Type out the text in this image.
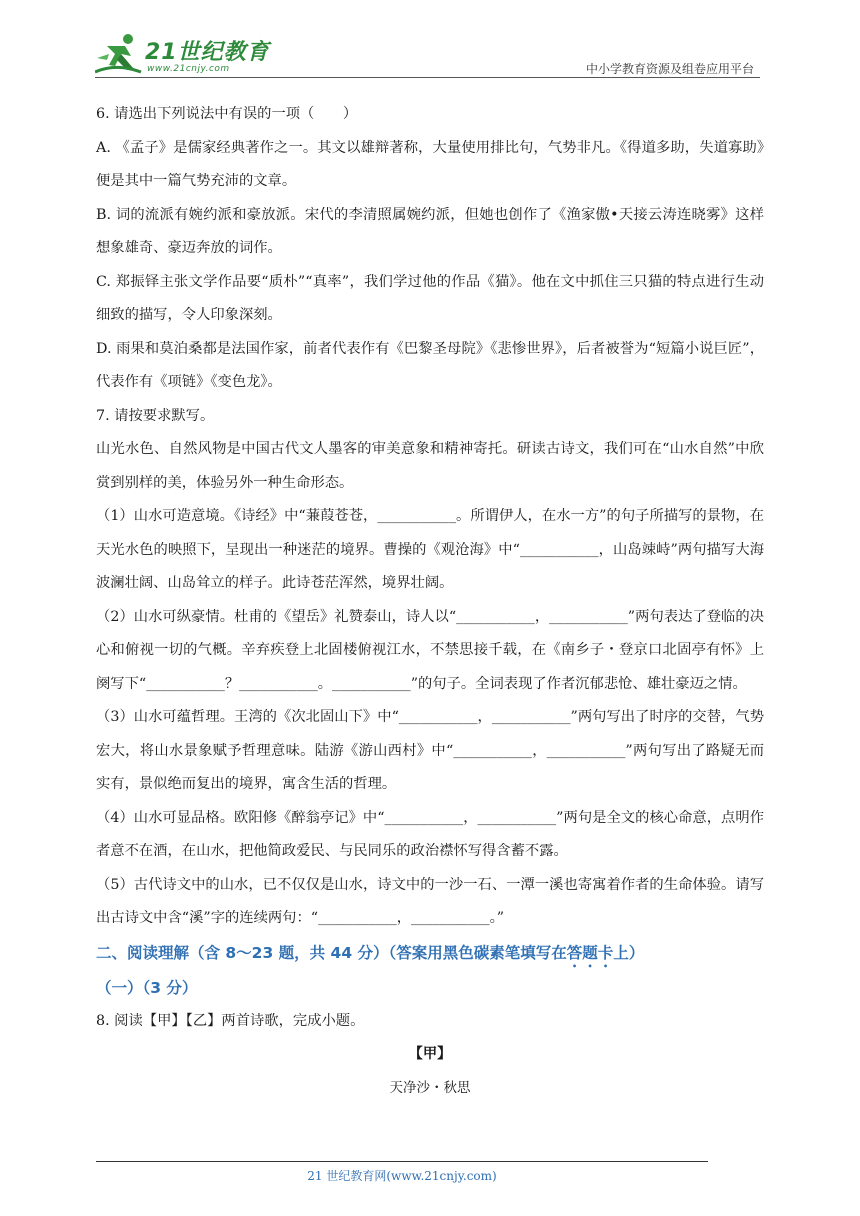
21世纪教育
www.21cnjy.com	中小学教育资源及组卷应用平台

6. 请选出下列说法中有误的一项（　　）

A. 《孟子》是儒家经典著作之一。其文以雄辩著称，大量使用排比句，气势非凡。《得道多助，失道寡助》便是其中一篇气势充沛的文章。

B. 词的流派有婉约派和豪放派。宋代的李清照属婉约派，但她也创作了《渔家傲•天接云涛连晓雾》这样想象雄奇、豪迈奔放的词作。

C. 郑振铎主张文学作品要“质朴”“真率”，我们学过他的作品《猫》。他在文中抓住三只猫的特点进行生动细致的描写，令人印象深刻。

D. 雨果和莫泊桑都是法国作家，前者代表作有《巴黎圣母院》《悲惨世界》，后者被誉为“短篇小说巨匠”，代表作有《项链》《变色龙》。

7. 请按要求默写。

山光水色、自然风物是中国古代文人墨客的审美意象和精神寄托。研读古诗文，我们可在“山水自然”中欣赏到别样的美，体验另外一种生命形态。

（1）山水可造意境。《诗经》中“蒹葭苍苍，___________。所谓伊人，在水一方”的句子所描写的景物，在天光水色的映照下，呈现出一种迷茫的境界。曹操的《观沧海》中“___________，山岛竦峙”两句描写大海波澜壮阔、山岛耸立的样子。此诗苍茫浑然，境界壮阔。

（2）山水可纵豪情。杜甫的《望岳》礼赞泰山，诗人以“___________，___________”两句表达了登临的决心和俯视一切的气概。辛弃疾登上北固楼俯视江水，不禁思接千载，在《南乡子・登京口北固亭有怀》上阕写下“___________？___________。___________”的句子。全词表现了作者沉郁悲怆、雄壮豪迈之情。

（3）山水可蕴哲理。王湾的《次北固山下》中“___________，___________”两句写出了时序的交替，气势宏大，将山水景象赋予哲理意味。陆游《游山西村》中“___________，___________”两句写出了路疑无而实有，景似绝而复出的境界，寓含生活的哲理。

（4）山水可显品格。欧阳修《醉翁亭记》中“___________，___________”两句是全文的核心命意，点明作者意不在酒，在山水，把他简政爱民、与民同乐的政治襟怀写得含蓄不露。

（5）古代诗文中的山水，已不仅仅是山水，诗文中的一沙一石、一潭一溪也寄寓着作者的生命体验。请写出古诗文中含“溪”字的连续两句：“___________，___________。”

二、阅读理解（含 8～23 题，共 44 分）（答案用黑色碳素笔填写在答题卡上）

（一）（3 分）

8. 阅读【甲】【乙】两首诗歌，完成小题。

【甲】

天净沙・秋思

21 世纪教育网(www.21cnjy.com)
